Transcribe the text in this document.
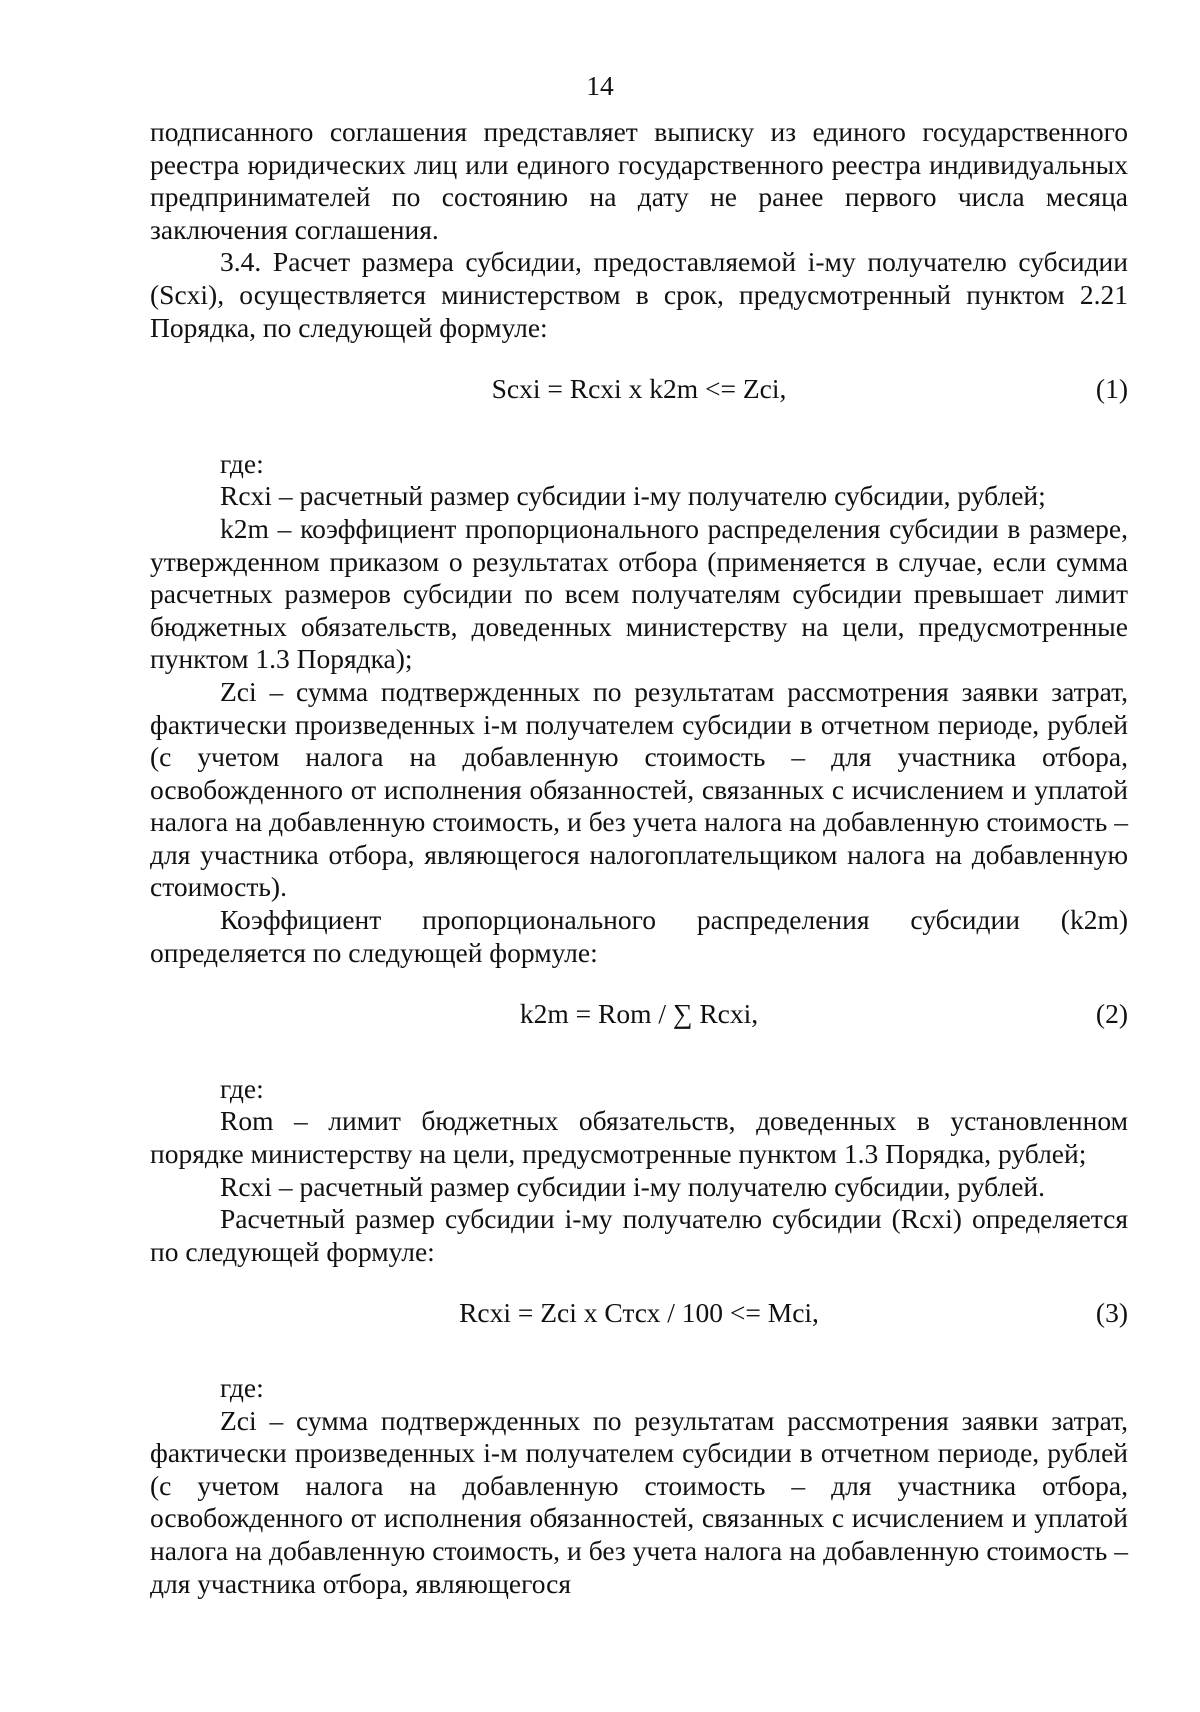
14

подписанного соглашения представляет выписку из единого государственного реестра юридических лиц или единого государственного реестра индивидуальных предпринимателей по состоянию на дату не ранее первого числа месяца заключения соглашения.

3.4. Расчет размера субсидии, предоставляемой i-му получателю субсидии (Scxi), осуществляется министерством в срок, предусмотренный пунктом 2.21 Порядка, по следующей формуле:

Scxi = Rcxi x k2m <= Zci,	(1)

где:

Rcxi – расчетный размер субсидии i-му получателю субсидии, рублей;

k2m – коэффициент пропорционального распределения субсидии в размере, утвержденном приказом о результатах отбора (применяется в случае, если сумма расчетных размеров субсидии по всем получателям субсидии превышает лимит бюджетных обязательств, доведенных министерству на цели, предусмотренные пунктом 1.3 Порядка);

Zci – сумма подтвержденных по результатам рассмотрения заявки затрат, фактически произведенных i-м получателем субсидии в отчетном периоде, рублей (с учетом налога на добавленную стоимость – для участника отбора, освобожденного от исполнения обязанностей, связанных с исчислением и уплатой налога на добавленную стоимость, и без учета налога на добавленную стоимость – для участника отбора, являющегося налогоплательщиком налога на добавленную стоимость).

Коэффициент пропорционального распределения субсидии (k2m) определяется по следующей формуле:

k2m = Rom / ∑ Rcxi,	(2)

где:

Rom – лимит бюджетных обязательств, доведенных в установленном порядке министерству на цели, предусмотренные пунктом 1.3 Порядка, рублей;

Rcxi – расчетный размер субсидии i-му получателю субсидии, рублей.

Расчетный размер субсидии i-му получателю субсидии (Rcxi) определяется по следующей формуле:

Rcxi = Zci x Стсх / 100 <= Mci,	(3)

где:

Zci – сумма подтвержденных по результатам рассмотрения заявки затрат, фактически произведенных i-м получателем субсидии в отчетном периоде, рублей (с учетом налога на добавленную стоимость – для участника отбора, освобожденного от исполнения обязанностей, связанных с исчислением и уплатой налога на добавленную стоимость, и без учета налога на добавленную стоимость – для участника отбора, являющегося
